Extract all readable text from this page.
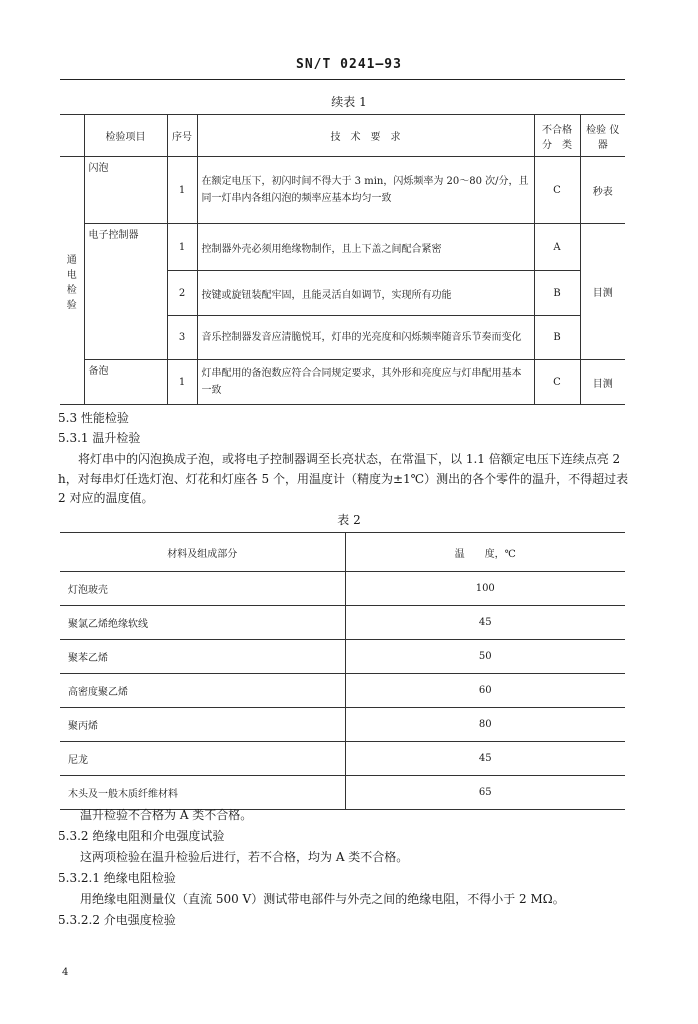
SN/T 0241—93
续表 1
	检验项目	序号	技　术　要　求	不合格 分　类	检验 仪器
通电 检验	闪泡	1	在额定电压下，初闪时间不得大于 3 min，闪烁频率为 20～80 次/分，且同一灯串内各组闪泡的频率应基本均匀一致	C	秒表
	电子控制器	1	控制器外壳必须用绝缘物制作，且上下盖之间配合紧密	A	目测
		2	按键或旋钮装配牢固，且能灵活自如调节，实现所有功能	B	
		3	音乐控制器发音应清脆悦耳，灯串的光亮度和闪烁频率随音乐节奏而变化	B	
	备泡	1	灯串配用的备泡数应符合合同规定要求，其外形和亮度应与灯串配用基本一致	C	目测
5.3 性能检验
5.3.1 温升检验
将灯串中的闪泡换成子泡，或将电子控制器调至长亮状态，在常温下，以 1.1 倍额定电压下连续点亮 2 h，对每串灯任选灯泡、灯花和灯座各 5 个，用温度计（精度为±1℃）测出的各个零件的温升，不得超过表 2 对应的温度值。
表 2
材料及组成部分	温　　度，℃
灯泡玻壳	100
聚氯乙烯绝缘软线	45
聚苯乙烯	50
高密度聚乙烯	60
聚丙烯	80
尼龙	45
木头及一般木质纤维材料	65
温升检验不合格为 A 类不合格。
5.3.2 绝缘电阻和介电强度试验
这两项检验在温升检验后进行，若不合格，均为 A 类不合格。
5.3.2.1 绝缘电阻检验
用绝缘电阻测量仪（直流 500 V）测试带电部件与外壳之间的绝缘电阻，不得小于 2 MΩ。
5.3.2.2 介电强度检验
4
